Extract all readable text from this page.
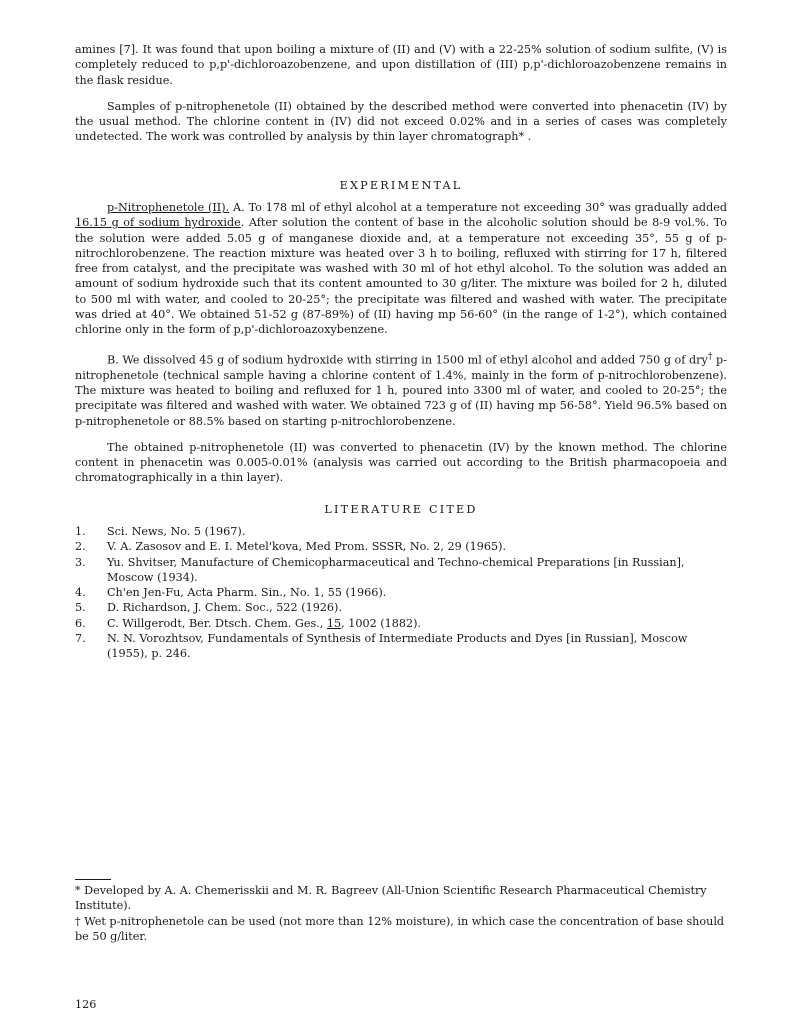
amines [7]. It was found that upon boiling a mixture of (II) and (V) with a 22-25% solution of sodium sulfite, (V) is completely reduced to p,p'-dichloroazobenzene, and upon distillation of (III) p,p'-dichloroazobenzene remains in the flask residue.

Samples of p-nitrophenetole (II) obtained by the described method were converted into phenacetin (IV) by the usual method. The chlorine content in (IV) did not exceed 0.02% and in a series of cases was completely undetected. The work was controlled by analysis by thin layer chromatograph* .

EXPERIMENTAL

p-Nitrophenetole (II). A. To 178 ml of ethyl alcohol at a temperature not exceeding 30° was gradually added 16.15 g of sodium hydroxide. After solution the content of base in the alcoholic solution should be 8-9 vol.%. To the solution were added 5.05 g of manganese dioxide and, at a temperature not exceeding 35°, 55 g of p-nitrochlorobenzene. The reaction mixture was heated over 3 h to boiling, refluxed with stirring for 17 h, filtered free from catalyst, and the precipitate was washed with 30 ml of hot ethyl alcohol. To the solution was added an amount of sodium hydroxide such that its content amounted to 30 g/liter. The mixture was boiled for 2 h, diluted to 500 ml with water, and cooled to 20-25°; the precipitate was filtered and washed with water. The precipitate was dried at 40°. We obtained 51-52 g (87-89%) of (II) having mp 56-60° (in the range of 1-2°), which contained chlorine only in the form of p,p'-dichloroazoxybenzene.

B. We dissolved 45 g of sodium hydroxide with stirring in 1500 ml of ethyl alcohol and added 750 g of dry† p-nitrophenetole (technical sample having a chlorine content of 1.4%, mainly in the form of p-nitrochlorobenzene). The mixture was heated to boiling and refluxed for 1 h, poured into 3300 ml of water, and cooled to 20-25°; the precipitate was filtered and washed with water. We obtained 723 g of (II) having mp 56-58°. Yield 96.5% based on p-nitrophenetole or 88.5% based on starting p-nitrochlorobenzene.

The obtained p-nitrophenetole (II) was converted to phenacetin (IV) by the known method. The chlorine content in phenacetin was 0.005-0.01% (analysis was carried out according to the British pharmacopoeia and chromatographically in a thin layer).

LITERATURE CITED
1.	Sci. News, No. 5 (1967).
2.	V. A. Zasosov and E. I. Metel'kova, Med Prom. SSSR, No. 2, 29 (1965).
3.	Yu. Shvitser, Manufacture of Chemicopharmaceutical and Techno-chemical Preparations [in Russian], Moscow (1934).
4.	Ch'en Jen-Fu, Acta Pharm. Sin., No. 1, 55 (1966).
5.	D. Richardson, J. Chem. Soc., 522 (1926).
6.	C. Willgerodt, Ber. Dtsch. Chem. Ges., 15, 1002 (1882).
7.	N. N. Vorozhtsov, Fundamentals of Synthesis of Intermediate Products and Dyes [in Russian], Moscow (1955), p. 246.

* Developed by A. A. Chemerisskii and M. R. Bagreev (All-Union Scientific Research Pharmaceutical Chemistry Institute).

† Wet p-nitrophenetole can be used (not more than 12% moisture), in which case the concentration of base should be 50 g/liter.

126
